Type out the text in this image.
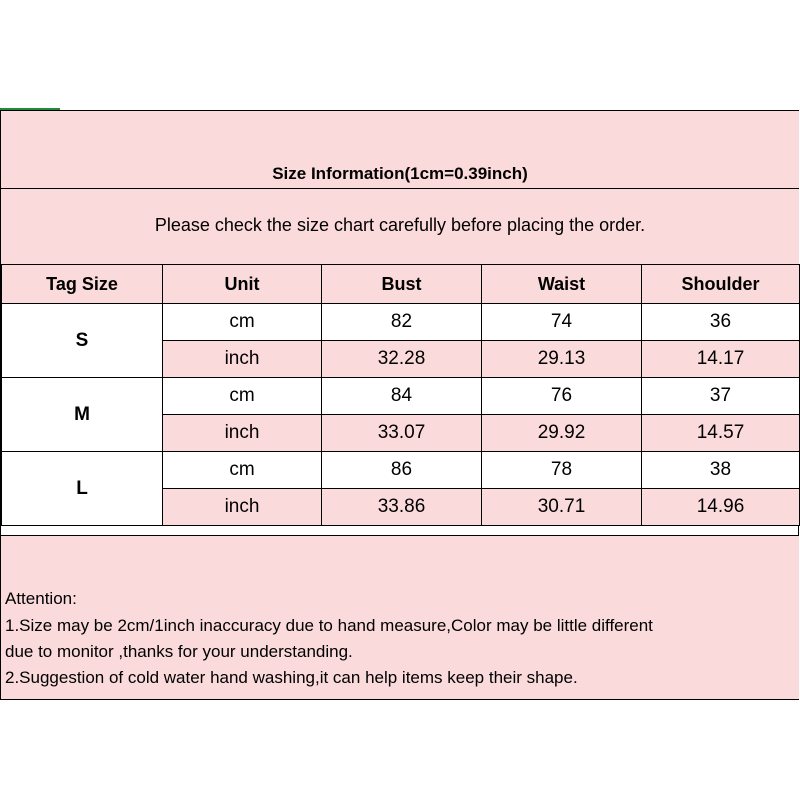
Size Information(1cm=0.39inch)
Please check the size chart carefully before placing the order.
Tag Size	Unit	Bust	Waist	Shoulder
S	cm	82	74	36
	inch	32.28	29.13	14.17
M	cm	84	76	37
	inch	33.07	29.92	14.57
L	cm	86	78	38
	inch	33.86	30.71	14.96
Attention:
1.Size may be 2cm/1inch inaccuracy due to hand measure,Color may be little different
due to monitor ,thanks for your understanding.
2.Suggestion of cold water hand washing,it can help items keep their shape.
